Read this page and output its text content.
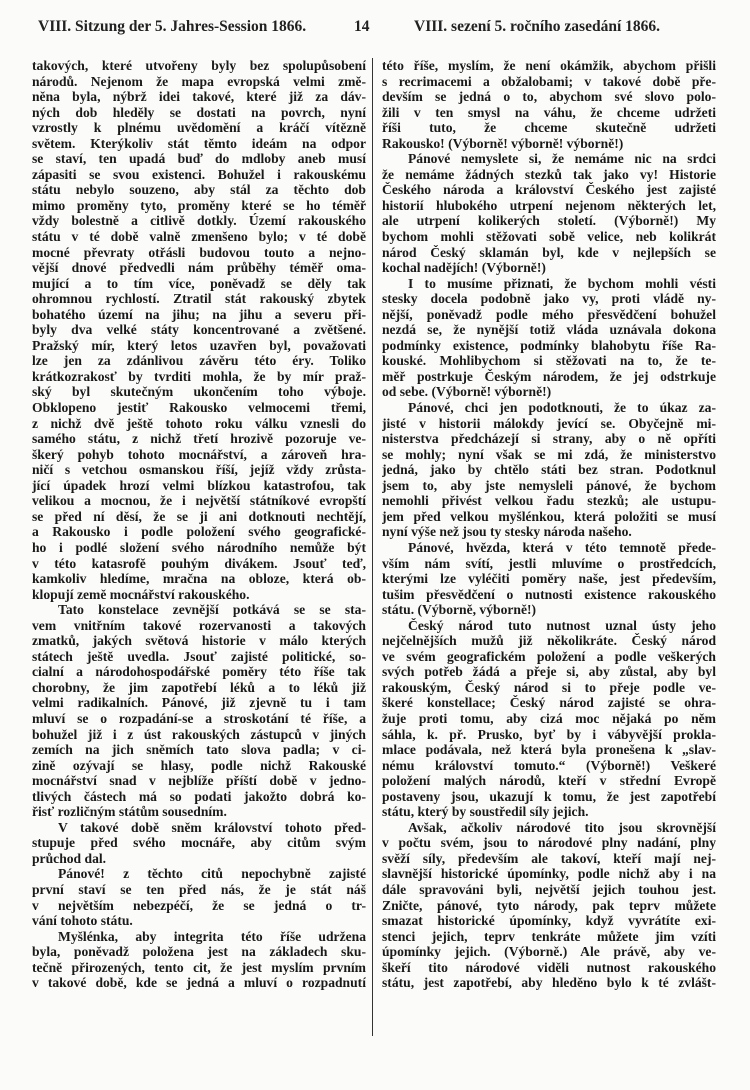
VIII. Sitzung der 5. Jahres-Session 1866.	14	VIII. sezení 5. ročního zasedání 1866.
takových, které utvořeny byly bez spolupůsobení
národů. Nejenom že mapa evropská velmi změ-
něna byla, nýbrž idei takové, které již za dáv-
ných dob hleděly se dostati na povrch, nyní
vzrostly k plnému uvědomění a kráčí vítězně
světem. Kterýkoliv stát těmto ideám na odpor
se staví, ten upadá buď do mdloby aneb musí
zápasiti se svou existenci. Bohužel i rakouskému
státu nebylo souzeno, aby stál za těchto dob
mimo proměny tyto, proměny které se ho téměř
vždy bolestně a citlivě dotkly. Území rakouského
státu v té době valně zmenšeno bylo; v té době
mocné převraty otřásli budovou touto a nejno-
vější dnové předvedli nám průběhy téměř oma-
mující a to tím více, poněvadž se děly tak
ohromnou rychlostí. Ztratil stát rakouský zbytek
bohatého území na jihu; na jihu a severu při-
byly dva velké státy koncentrované a zvětšené.
Pražský mír, který letos uzavřen byl, považovati
lze jen za zdánlivou závěru této éry. Toliko
krátkozrakosť by tvrditi mohla, že by mír praž-
ský byl skutečným ukončením toho výboje.
Obklopeno jestiť Rakousko velmocemi třemi,
z nichž dvě ještě tohoto roku válku vznesli do
samého státu, z nichž třetí hrozivě pozoruje ve-
škerý pohyb tohoto mocnářství, a zároveň hra-
ničí s vetchou osmanskou říší, jejíž vždy zrůsta-
jící úpadek hrozí velmi blízkou katastrofou, tak
velikou a mocnou, že i největší státníkové evropští
se před ní děsí, že se ji ani dotknouti nechtějí,
a Rakousko i podle položení svého geografické-
ho i podlé složení svého národního nemůže být
v této katasrofě pouhým divákem. Jsouť teď,
kamkoliv hledíme, mračna na obloze, která ob-
klopují země mocnářství rakouského.
Tato konstelace zevnější potkává se se sta-
vem vnitřním takové rozervanosti a takových
zmatků, jakých světová historie v málo kterých
státech ještě uvedla. Jsouť zajisté politické, so-
cialní a národohospodářské poměry této říše tak
chorobny, že jim zapotřebí léků a to léků již
velmi radikalních. Pánové, již zjevně tu i tam
mluví se o rozpadání-se a stroskotání té říše, a
bohužel již i z úst rakouských zástupců v jiných
zemích na jich sněmích tato slova padla; v ci-
zině ozývají se hlasy, podle nichž Rakouské
mocnářství snad v nejblíže příští době v jedno-
tlivých částech má so podati jakožto dobrá ko-
řisť rozličným státům sousedním.
V takové době sněm království tohoto před-
stupuje před svého mocnáře, aby citům svým
průchod dal.
Pánové! z těchto citů nepochybně zajisté
první staví se ten před nás, že je stát náš
v největším nebezpéčí, že se jedná o tr-
vání tohoto státu.
Myšlénka, aby integrita této říše udržena
byla, poněvadž položena jest na základech sku-
tečně přirozených, tento cit, že jest myslím prvním
v takové době, kde se jedná a mluví o rozpadnutí
této říše, myslím, že není okámžik, abychom přišli
s recrimacemi a obžalobami; v takové době pře-
devším se jedná o to, abychom své slovo polo-
žili v ten smysl na váhu, že chceme udržeti
říši tuto, že chceme skutečně udržeti
Rakousko! (Výborně! výborně! výborně!)
Pánové nemyslete si, že nemáme nic na srdci
že nemáme žádných stezků tak jako vy! Historie
Českého národa a království Českého jest zajisté
historií hlubokého utrpení nejenom některých let,
ale utrpení kolikerých století. (Výborně!) My
bychom mohli stěžovati sobě velice, neb kolikrát
národ Český sklamán byl, kde v nejlepších se
kochal nadějích! (Výborně!)
I to musíme přiznati, že bychom mohli vésti
stesky docela podobně jako vy, proti vládě ny-
nější, poněvadž podle mého přesvědčení bohužel
nezdá se, že nynější totiž vláda uznávala dokona
podmínky existence, podmínky blahobytu říše Ra-
kouské. Mohlibychom si stěžovati na to, že te-
měř postrkuje Českým národem, že jej odstrkuje
od sebe. (Výborně! výborně!)
Pánové, chci jen podotknouti, že to úkaz za-
jisté v historii málokdy jevící se. Obyčejně mi-
nisterstva předcházejí si strany, aby o ně opříti
se mohly; nyní však se mi zdá, že ministerstvo
jedná, jako by chtělo státi bez stran. Podotknul
jsem to, aby jste nemysleli pánové, že bychom
nemohli přivést velkou řadu stezků; ale ustupu-
jem před velkou myšlénkou, která položiti se musí
nyní výše než jsou ty stesky národa našeho.
Pánové, hvězda, která v této temnotě přede-
vším nám svítí, jestli mluvíme o prostředcích,
kterými lze vyléčiti poměry naše, jest především,
tušim přesvědčení o nutnosti existence rakouského
státu. (Výborně, výborně!)
Český národ tuto nutnost uznal ústy jeho
nejčelnějších mužů již několikráte. Český národ
ve svém geografickém položení a podle veškerých
svých potřeb žádá a přeje si, aby zůstal, aby byl
rakouským, Český národ si to přeje podle ve-
škeré konstellace; Český národ zajisté se ohra-
žuje proti tomu, aby cizá moc nějaká po něm
sáhla, k. př. Prusko, byť by i vábyvější prokla-
mlace podávala, než která byla pronešena k „slav-
nému království tomuto.“ (Výborně!) Veškeré
položení malých národů, kteří v střední Evropě
postaveny jsou, ukazují k tomu, že jest zapotřebí
státu, který by soustředil síly jejich.
Avšak, ačkoliv národové tito jsou skrovnější
v počtu svém, jsou to národové plny nadání, plny
svěží síly, především ale takoví, kteří mají nej-
slavnější historické úpomínky, podle nichž aby i na
dále spravováni byli, největší jejich touhou jest.
Zničte, pánové, tyto národy, pak teprv můžete
smazat historické úpomínky, když vyvrátíte exi-
stenci jejich, teprv tenkráte můžete jim vzíti
úpomínky jejich. (Výborně.) Ale právě, aby ve-
škeří tito národové viděli nutnost rakouského
státu, jest zapotřebí, aby hleděno bylo k té zvlášt-
